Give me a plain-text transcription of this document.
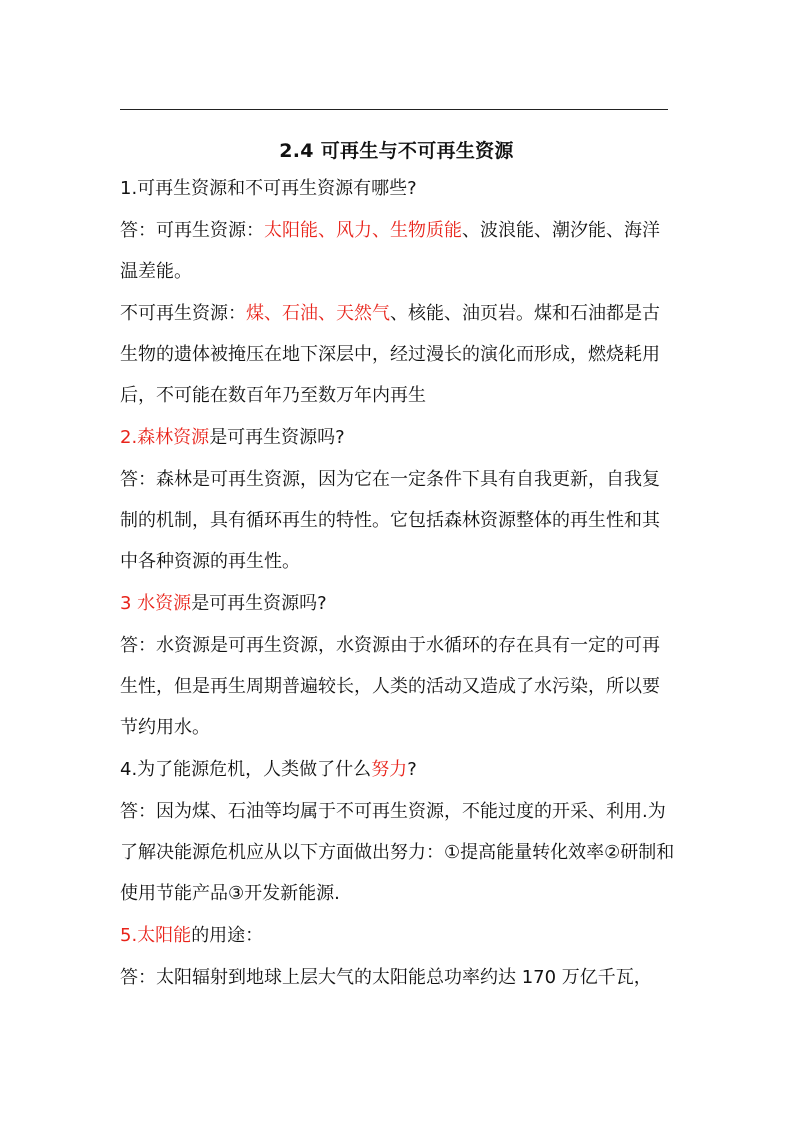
2.4 可再生与不可再生资源

1.可再生资源和不可再生资源有哪些?

答：可再生资源：太阳能、风力、生物质能、波浪能、潮汐能、海洋温差能。

不可再生资源：煤、石油、天然气、核能、油页岩。煤和石油都是古生物的遗体被掩压在地下深层中，经过漫长的演化而形成，燃烧耗用后，不可能在数百年乃至数万年内再生

2.森林资源是可再生资源吗?

答：森林是可再生资源，因为它在一定条件下具有自我更新，自我复制的机制，具有循环再生的特性。它包括森林资源整体的再生性和其中各种资源的再生性。

3 水资源是可再生资源吗?

答：水资源是可再生资源，水资源由于水循环的存在具有一定的可再生性，但是再生周期普遍较长，人类的活动又造成了水污染，所以要节约用水。

4.为了能源危机，人类做了什么努力?

答：因为煤、石油等均属于不可再生资源，不能过度的开采、利用.为了解决能源危机应从以下方面做出努力：①提高能量转化效率②研制和使用节能产品③开发新能源.

5.太阳能的用途：

答：太阳辐射到地球上层大气的太阳能总功率约达 170 万亿千瓦，
